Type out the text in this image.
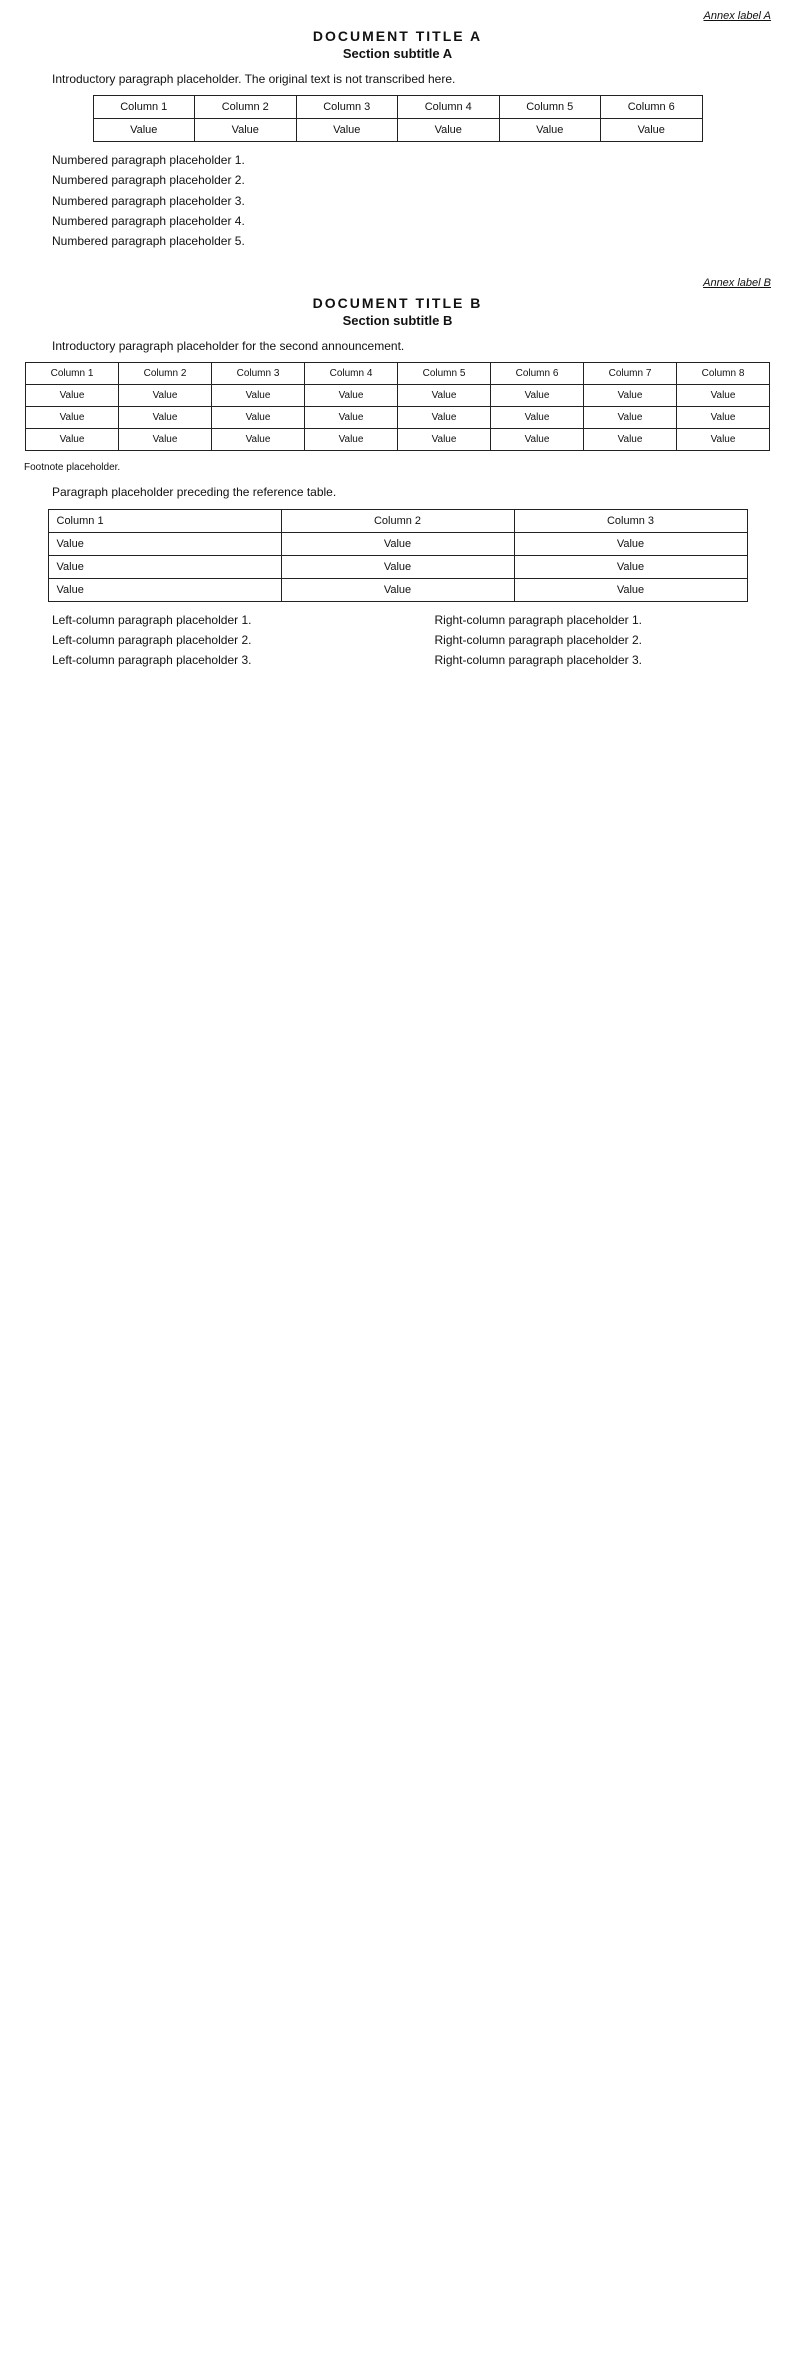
Annex label A
DOCUMENT TITLE A
Section subtitle A

Introductory paragraph placeholder. The original text is not transcribed here.

Column 1	Column 2	Column 3	Column 4	Column 5	Column 6
Value	Value	Value	Value	Value	Value

Numbered paragraph placeholder 1.

Numbered paragraph placeholder 2.

Numbered paragraph placeholder 3.

Numbered paragraph placeholder 4.

Numbered paragraph placeholder 5.

Annex label B
DOCUMENT TITLE B
Section subtitle B

Introductory paragraph placeholder for the second announcement.

Column 1	Column 2	Column 3	Column 4	Column 5	Column 6	Column 7	Column 8
Value	Value	Value	Value	Value	Value	Value	Value
Value	Value	Value	Value	Value	Value	Value	Value
Value	Value	Value	Value	Value	Value	Value	Value
Footnote placeholder.

Paragraph placeholder preceding the reference table.

Column 1	Column 2	Column 3
Value	Value	Value
Value	Value	Value
Value	Value	Value

Left-column paragraph placeholder 1.

Left-column paragraph placeholder 2.

Left-column paragraph placeholder 3.

Right-column paragraph placeholder 1.

Right-column paragraph placeholder 2.

Right-column paragraph placeholder 3.
